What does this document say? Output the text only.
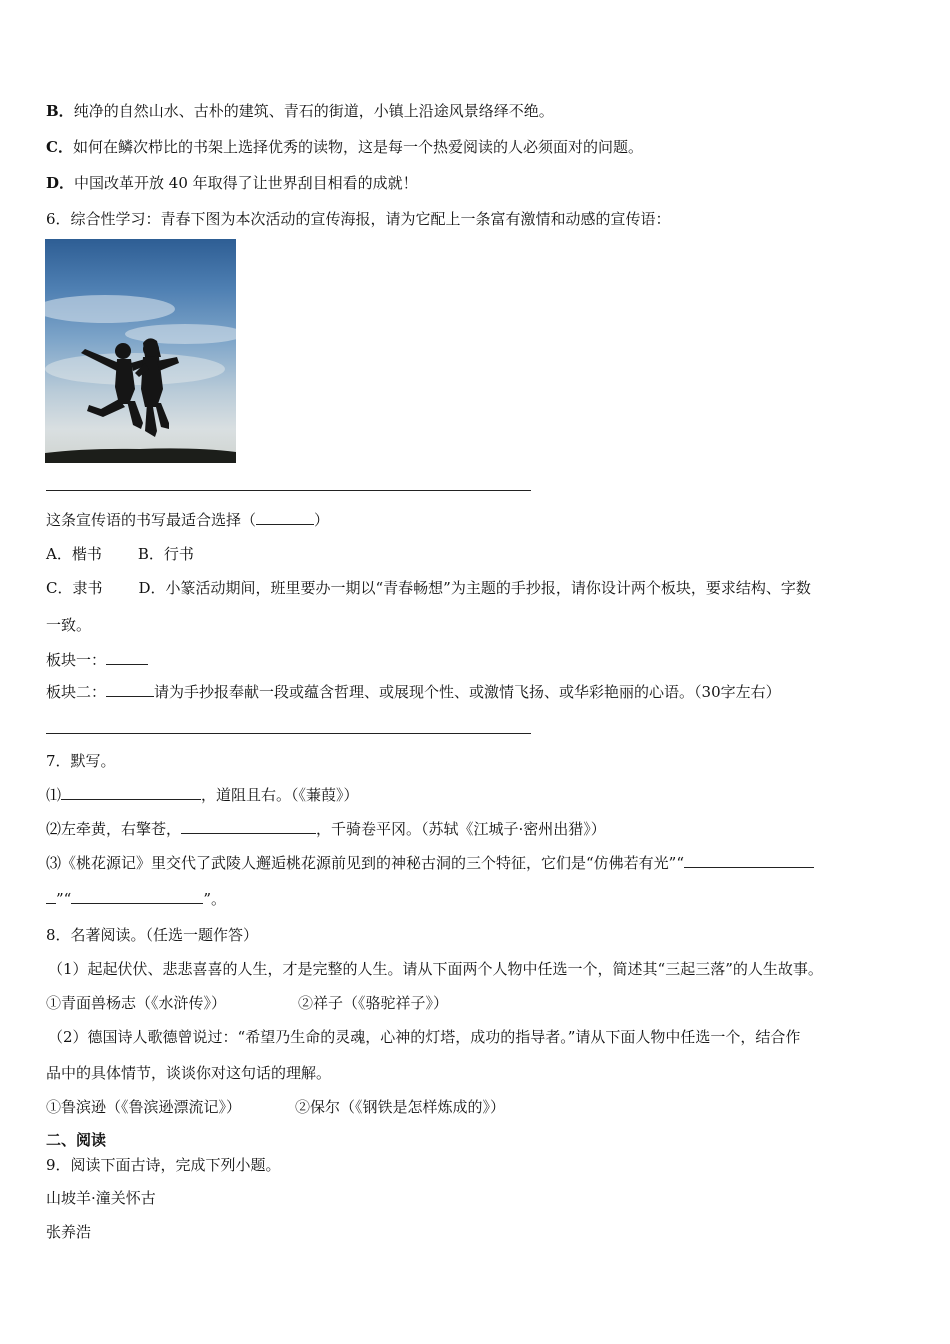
B．纯净的自然山水、古朴的建筑、青石的街道，小镇上沿途风景络绎不绝。
C．如何在鳞次栉比的书架上选择优秀的读物，这是每一个热爱阅读的人必须面对的问题。
D．中国改革开放 40 年取得了让世界刮目相看的成就！
6．综合性学习：青春下图为本次活动的宣传海报，请为它配上一条富有激情和动感的宣传语：
这条宣传语的书写最适合选择（	）
A．楷书 B．行书
C．隶书 D．小篆活动期间，班里要办一期以“青春畅想”为主题的手抄报，请你设计两个板块，要求结构、字数
一致。
板块一：
板块二：	请为手抄报奉献一段或蕴含哲理、或展现个性、或激情飞扬、或华彩艳丽的心语。（30字左右）
7．默写。
⑴	，道阻且右。（《蒹葭》）
⑵左牵黄，右擎苍，	，千骑卷平冈。（苏轼《江城子·密州出猎》）
⑶《桃花源记》里交代了武陵人邂逅桃花源前见到的神秘古洞的三个特征，它们是“仿佛若有光”“
”“	”。
8．名著阅读。（任选一题作答）
（1）起起伏伏、悲悲喜喜的人生，才是完整的人生。请从下面两个人物中任选一个，简述其“三起三落”的人生故事。
①青面兽杨志（《水浒传》）	②祥子（《骆驼祥子》）
（2）德国诗人歌德曾说过：“希望乃生命的灵魂，心神的灯塔，成功的指导者。”请从下面人物中任选一个，结合作
品中的具体情节，谈谈你对这句话的理解。
①鲁滨逊（《鲁滨逊漂流记》）	②保尔（《钢铁是怎样炼成的》）
二、阅读
9．阅读下面古诗，完成下列小题。
山坡羊·潼关怀古
张养浩
